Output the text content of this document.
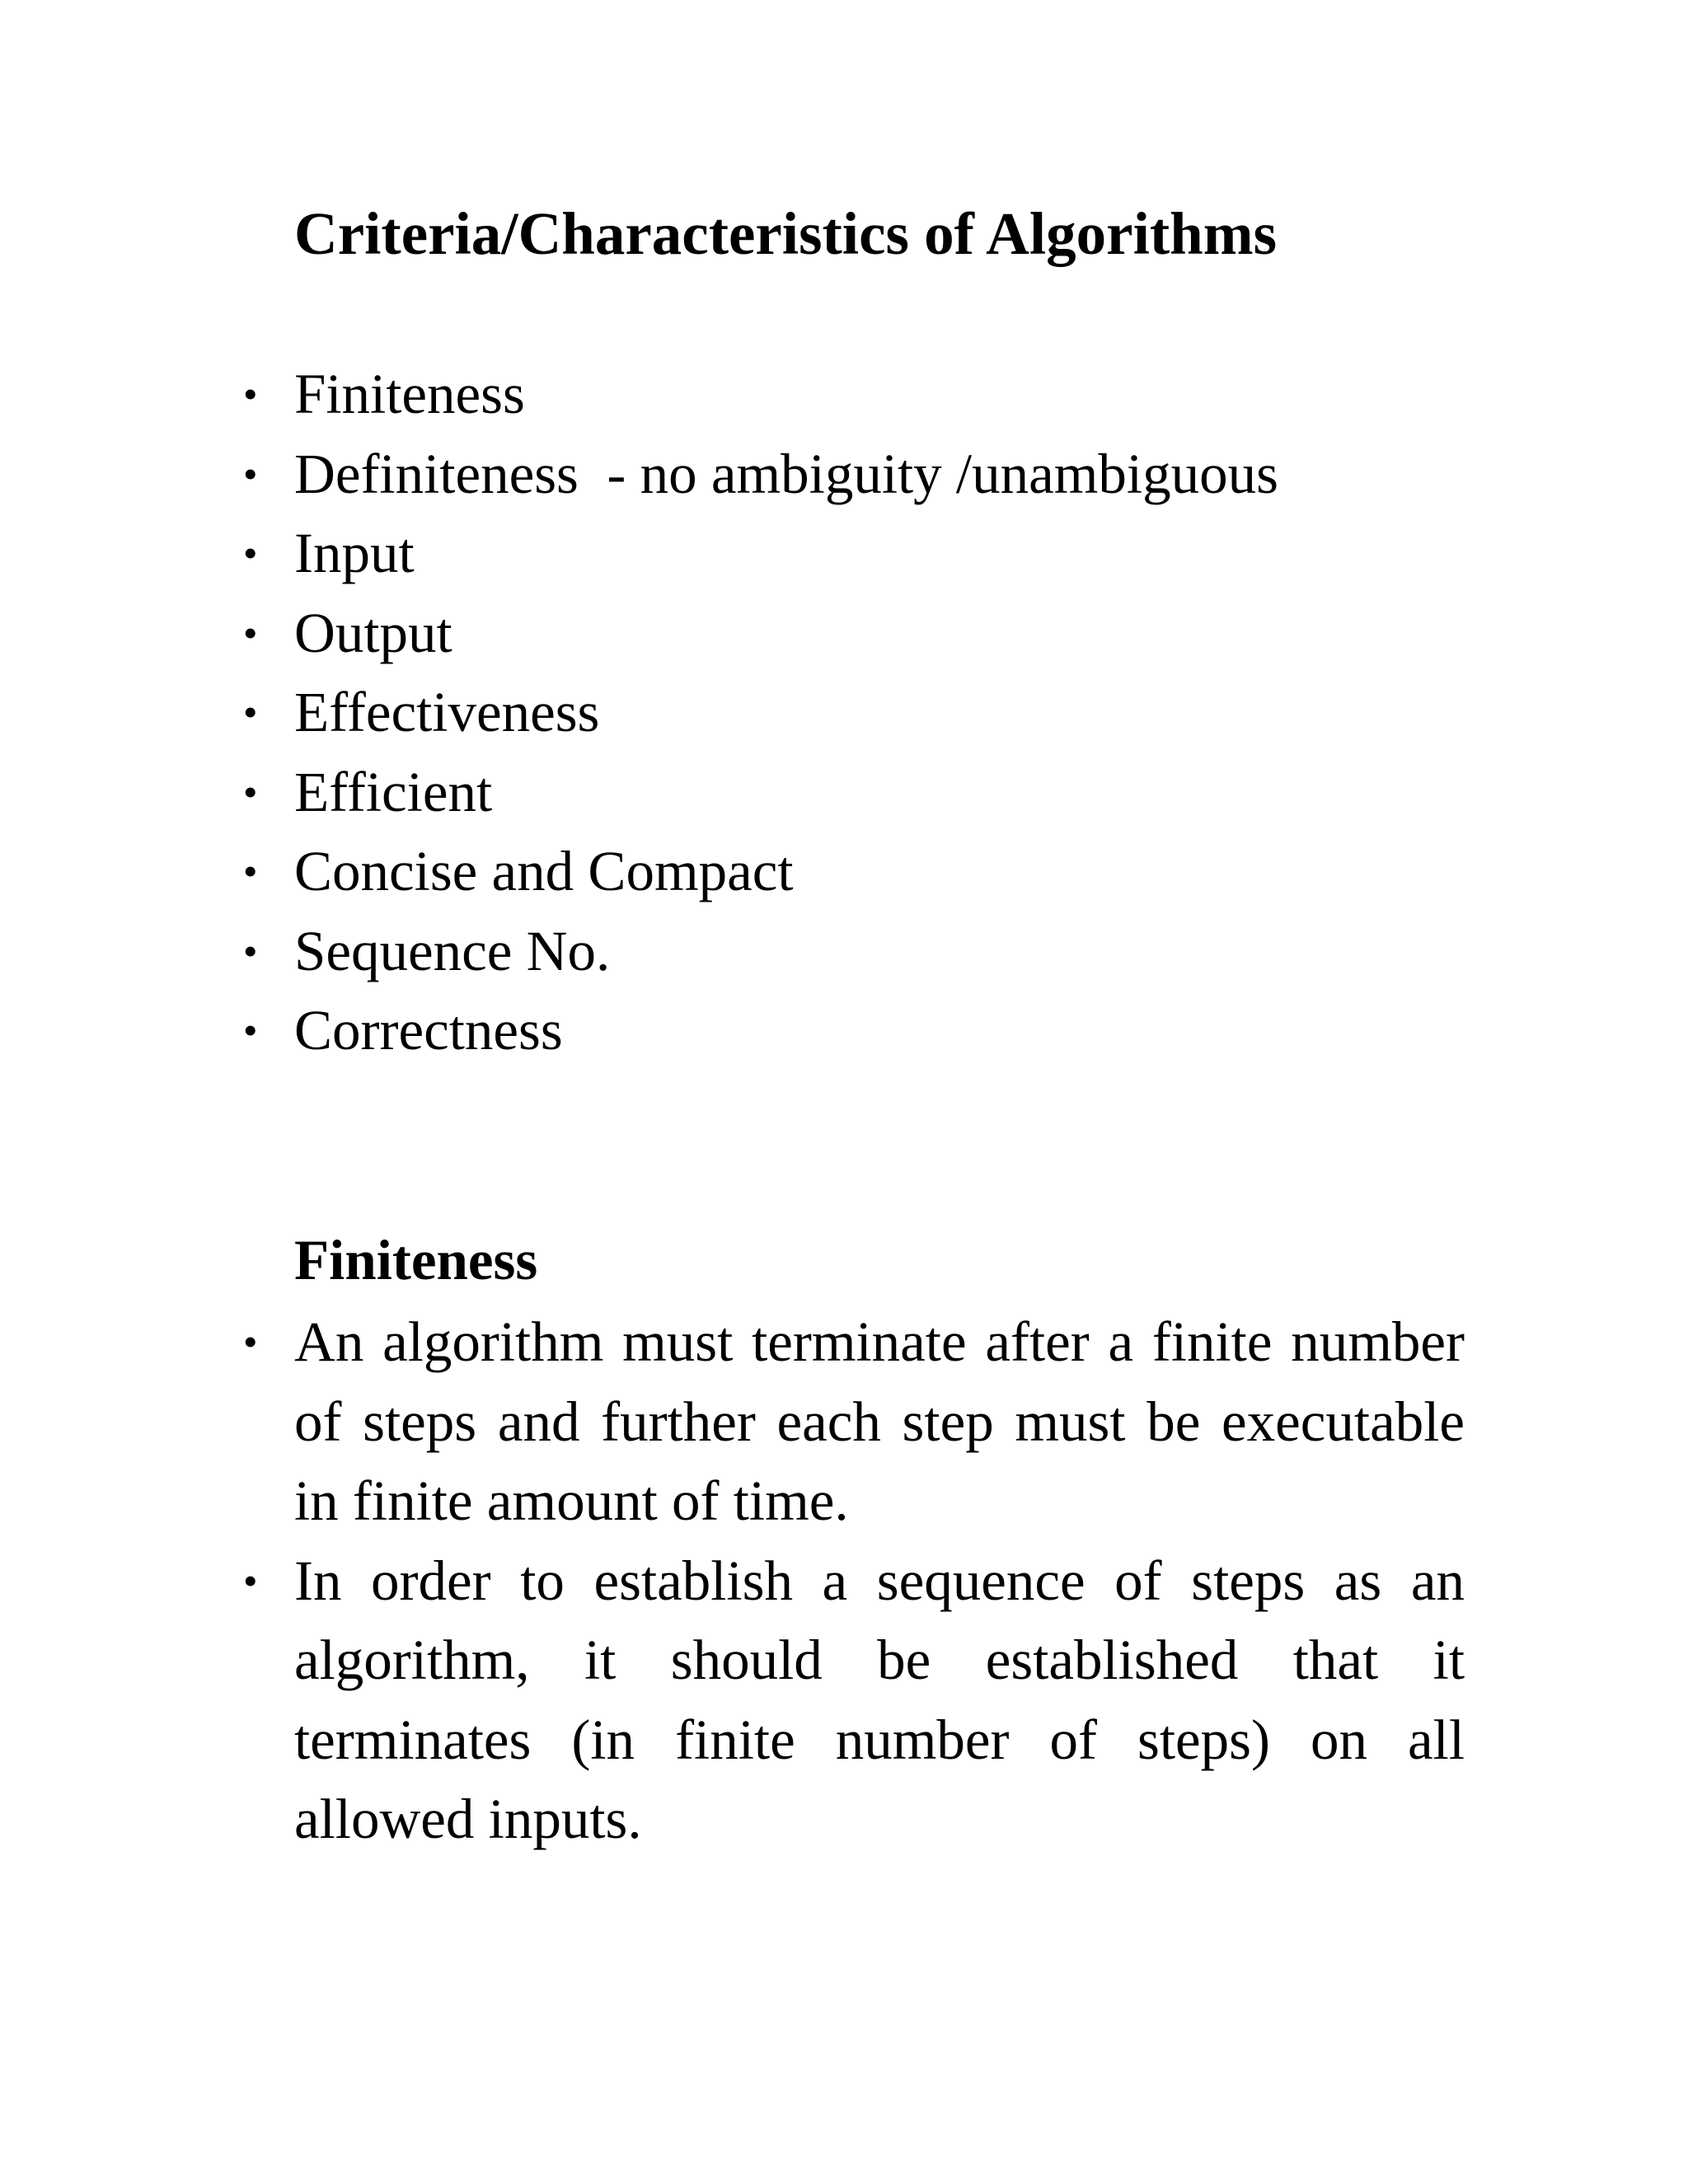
Criteria/Characteristics of Algorithms
• Finiteness
• Definiteness  - no ambiguity /unambiguous
• Input
• Output
• Effectiveness
• Efficient
• Concise and Compact
• Sequence No.
• Correctness
Finiteness
• An algorithm must terminate after a finite number of steps and further each step must be executable in finite amount of time.
• In order to establish a sequence of steps as an algorithm, it should be established that it terminates (in finite number of steps) on all allowed inputs.
